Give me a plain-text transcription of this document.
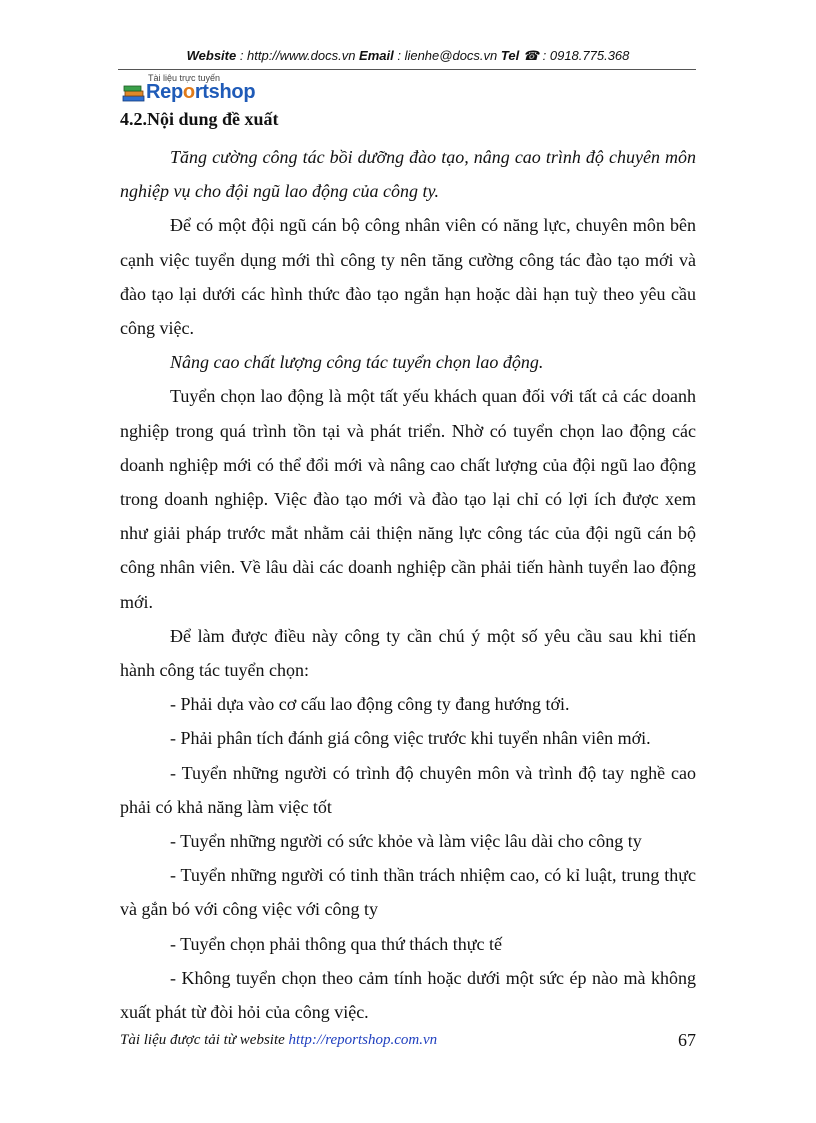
Website : http://www.docs.vn Email : lienhe@docs.vn Tel ☎ : 0918.775.368
Tài liệu trực tuyến
Reportshop

4.2.Nội dung đề xuất

Tăng cường công tác bồi dưỡng đào tạo, nâng cao trình độ chuyên môn nghiệp vụ cho đội ngũ lao động của công ty.

Để có một đội ngũ cán bộ công nhân viên có năng lực, chuyên môn bên cạnh việc tuyển dụng mới thì công ty nên tăng cường công tác đào tạo mới và đào tạo lại dưới các hình thức đào tạo ngắn hạn hoặc dài hạn tuỳ theo yêu cầu công việc.

Nâng cao chất lượng công tác tuyển chọn lao động.

Tuyển chọn lao động là một tất yếu khách quan đối với tất cả các doanh nghiệp trong quá trình tồn tại và phát triển. Nhờ có tuyển chọn lao động các doanh nghiệp mới có thể đổi mới và nâng cao chất lượng của đội ngũ lao động trong doanh nghiệp. Việc đào tạo mới và đào tạo lại chỉ có lợi ích được xem như giải pháp trước mắt nhằm cải thiện năng lực công tác của đội ngũ cán bộ công nhân viên. Về lâu dài các doanh nghiệp cần phải tiến hành tuyển lao động mới.

Để làm được điều này công ty cần chú ý một số yêu cầu sau khi tiến hành công tác tuyển chọn:

- Phải dựa vào cơ cấu lao động công ty đang hướng tới.

- Phải phân tích đánh giá công việc trước khi tuyển nhân viên mới.

- Tuyển những người có trình độ chuyên môn và trình độ tay nghề cao phải có khả năng làm việc tốt

- Tuyển những người có sức khỏe và làm việc lâu dài cho công ty

- Tuyển những người có tinh thần trách nhiệm cao, có kỉ luật, trung thực và gắn bó với công việc với công ty

- Tuyển chọn phải thông qua thứ thách thực tế

- Không tuyển chọn theo cảm tính hoặc dưới một sức ép nào mà không xuất phát từ đòi hỏi của công việc.

Tài liệu được tải từ website http://reportshop.com.vn	67
